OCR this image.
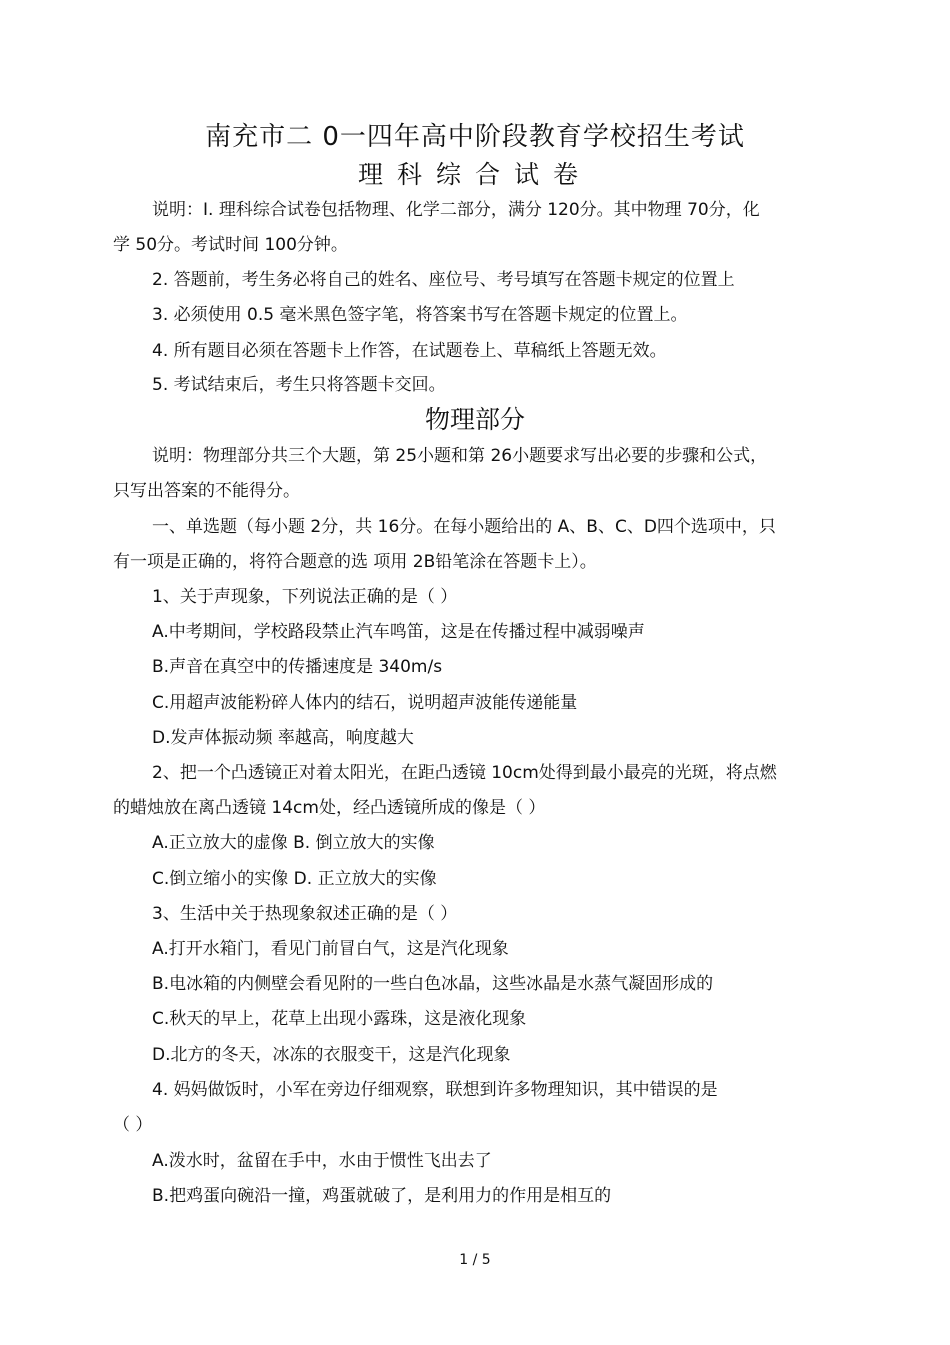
南充市二 0一四年高中阶段教育学校招生考试
理科综合试卷
说明：Ⅰ. 理科综合试卷包括物理、化学二部分，满分 120分。其中物理 70分，化
学 50分。考试时间 100分钟。
2. 答题前，考生务必将自己的姓名、座位号、考号填写在答题卡规定的位置上
3. 必须使用 0.5 毫米黑色签字笔，将答案书写在答题卡规定的位置上。
4. 所有题目必须在答题卡上作答，在试题卷上、草稿纸上答题无效。
5. 考试结束后，考生只将答题卡交回。
物理部分
说明：物理部分共三个大题，第 25小题和第 26小题要求写出必要的步骤和公式，
只写出答案的不能得分。
一、单选题（每小题 2分，共 16分。在每小题给出的 A、B、C、D四个选项中，只
有一项是正确的，将符合题意的选 项用 2B铅笔涂在答题卡上）。
1、关于声现象，下列说法正确的是（ ）
A.中考期间，学校路段禁止汽车鸣笛，这是在传播过程中减弱噪声
B.声音在真空中的传播速度是 340m/s
C.用超声波能粉碎人体内的结石，说明超声波能传递能量
D.发声体振动频 率越高，响度越大
2、把一个凸透镜正对着太阳光，在距凸透镜 10cm处得到最小最亮的光斑，将点燃
的蜡烛放在离凸透镜 14cm处，经凸透镜所成的像是（ ）
A.正立放大的虚像 B. 倒立放大的实像
C.倒立缩小的实像 D. 正立放大的实像
3、生活中关于热现象叙述正确的是（ ）
A.打开水箱门，看见门前冒白气，这是汽化现象
B.电冰箱的内侧壁会看见附的一些白色冰晶，这些冰晶是水蒸气凝固形成的
C.秋天的早上，花草上出现小露珠，这是液化现象
D.北方的冬天，冰冻的衣服变干，这是汽化现象
4. 妈妈做饭时，小军在旁边仔细观察，联想到许多物理知识，其中错误的是
（ ）
A.泼水时，盆留在手中，水由于惯性飞出去了
B.把鸡蛋向碗沿一撞，鸡蛋就破了，是利用力的作用是相互的
1 / 5
